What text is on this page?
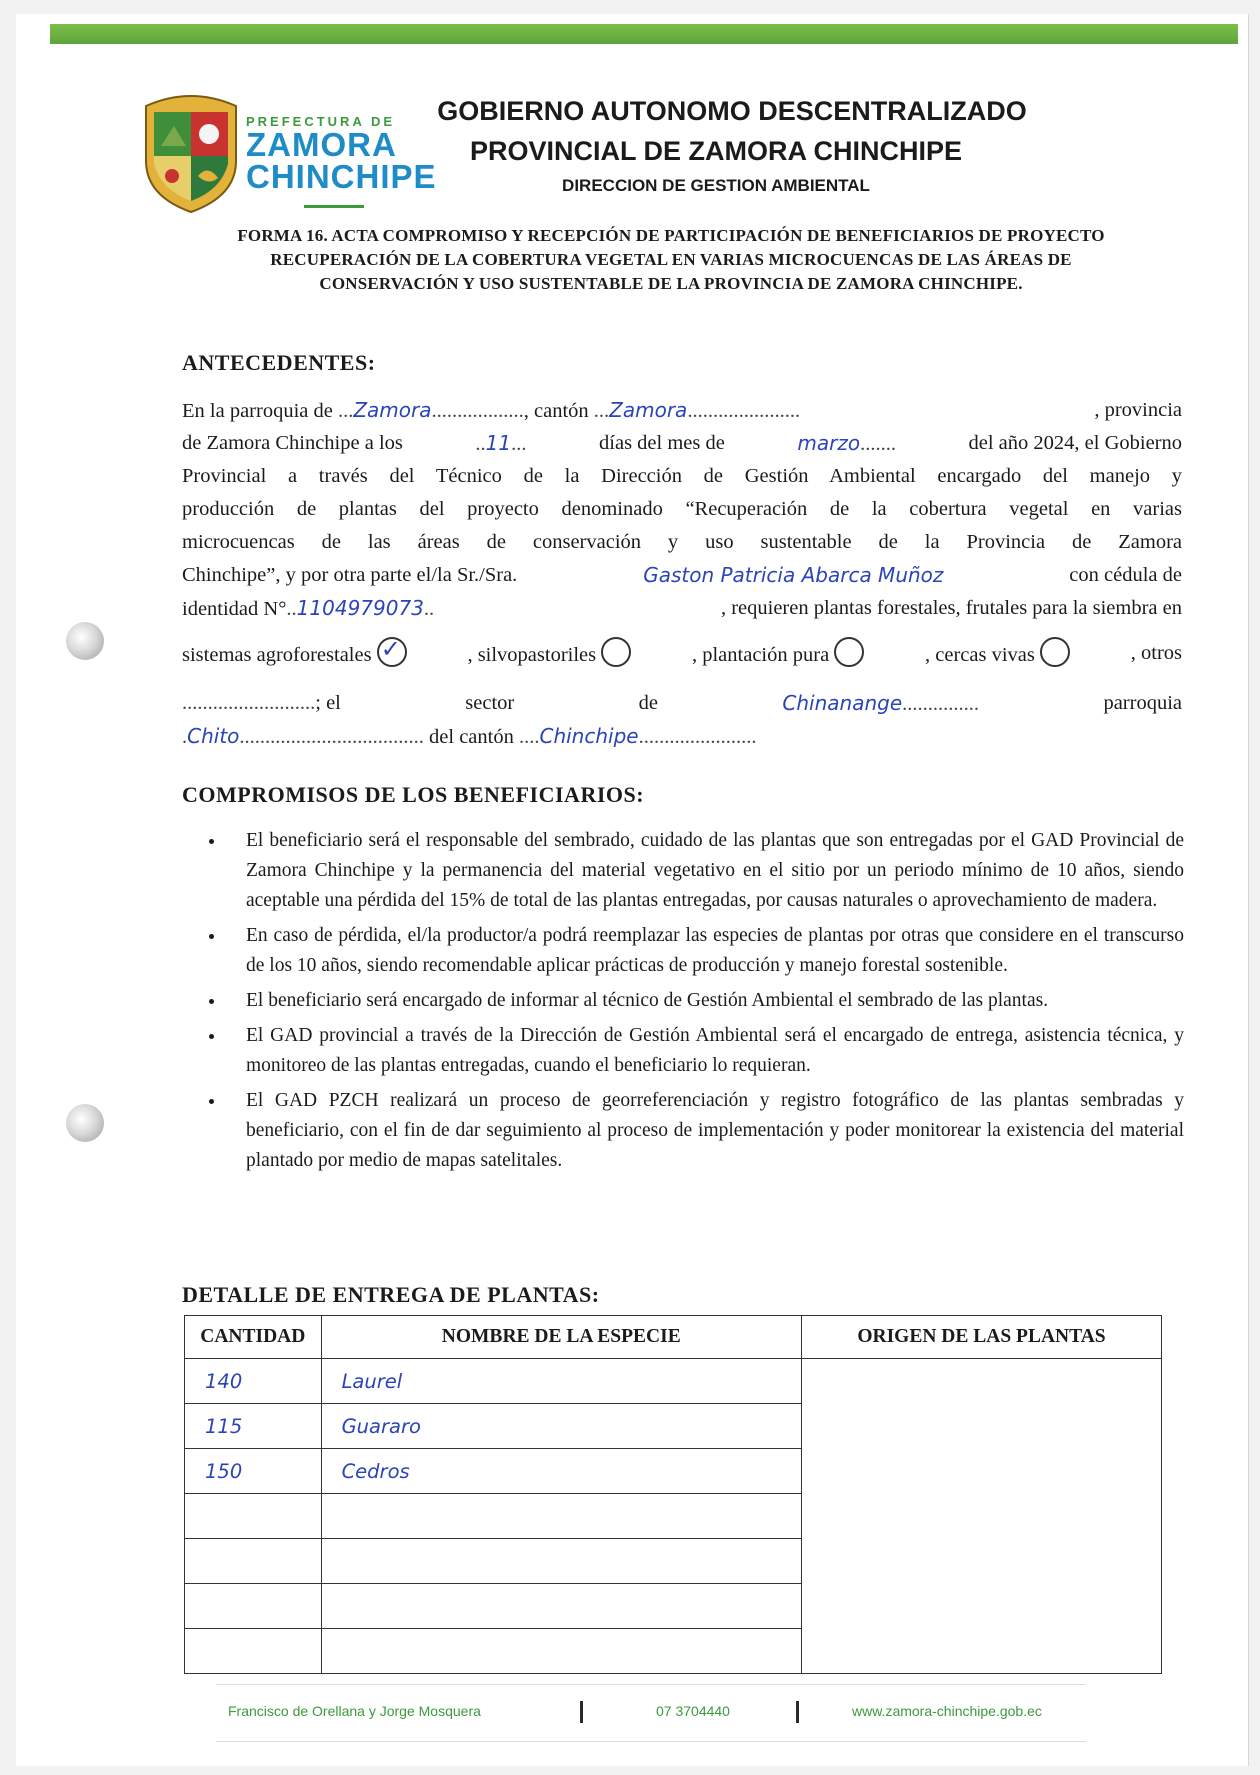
PREFECTURA DE
ZAMORA
CHINCHIPE
GOBIERNO AUTONOMO DESCENTRALIZADO
PROVINCIAL DE ZAMORA CHINCHIPE
DIRECCION DE GESTION AMBIENTAL
FORMA 16. ACTA COMPROMISO Y RECEPCIÓN DE PARTICIPACIÓN DE BENEFICIARIOS DE PROYECTO
RECUPERACIÓN DE LA COBERTURA VEGETAL EN VARIAS MICROCUENCAS DE LAS ÁREAS DE
CONSERVACIÓN Y USO SUSTENTABLE DE LA PROVINCIA DE ZAMORA CHINCHIPE.
ANTECEDENTES:
En la parroquia de ...Zamora.................., cantón ...Zamora......................	, provincia
de Zamora Chinchipe a los	..11...	días del mes de	marzo.......	del año 2024, el Gobierno
Provincial a través del Técnico de la Dirección de Gestión Ambiental encargado del manejo y
producción de plantas del proyecto denominado “Recuperación de la cobertura vegetal en varias
microcuencas de las áreas de conservación y uso sustentable de la Provincia de Zamora
Chinchipe”, y por otra parte el/la Sr./Sra.	Gaston Patricia Abarca Muñoz	con cédula de
identidad N°..1104979073..	, requieren plantas forestales, frutales para la siembra en
sistemas agroforestales ✓	, silvopastoriles	, plantación pura	, cercas vivas	, otros
..........................; el	sector	de	Chinanange...............	parroquia
.Chito.................................... del cantón ....Chinchipe.......................
COMPROMISOS DE LOS BENEFICIARIOS:
• El beneficiario será el responsable del sembrado, cuidado de las plantas que son entregadas por el GAD Provincial de Zamora Chinchipe y la permanencia del material vegetativo en el sitio por un periodo mínimo de 10 años, siendo aceptable una pérdida del 15% de total de las plantas entregadas, por causas naturales o aprovechamiento de madera.
• En caso de pérdida, el/la productor/a podrá reemplazar las especies de plantas por otras que considere en el transcurso de los 10 años, siendo recomendable aplicar prácticas de producción y manejo forestal sostenible.
• El beneficiario será encargado de informar al técnico de Gestión Ambiental el sembrado de las plantas.
• El GAD provincial a través de la Dirección de Gestión Ambiental será el encargado de entrega, asistencia técnica, y monitoreo de las plantas entregadas, cuando el beneficiario lo requieran.
• El GAD PZCH realizará un proceso de georreferenciación y registro fotográfico de las plantas sembradas y beneficiario, con el fin de dar seguimiento al proceso de implementación y poder monitorear la existencia del material plantado por medio de mapas satelitales.
DETALLE DE ENTREGA DE PLANTAS:
CANTIDAD	NOMBRE DE LA ESPECIE	ORIGEN DE LAS PLANTAS
140	Laurel	
115	Guararo	
150	Cedros	

Francisco de Orellana y Jorge Mosquera	07 3704440	www.zamora-chinchipe.gob.ec
